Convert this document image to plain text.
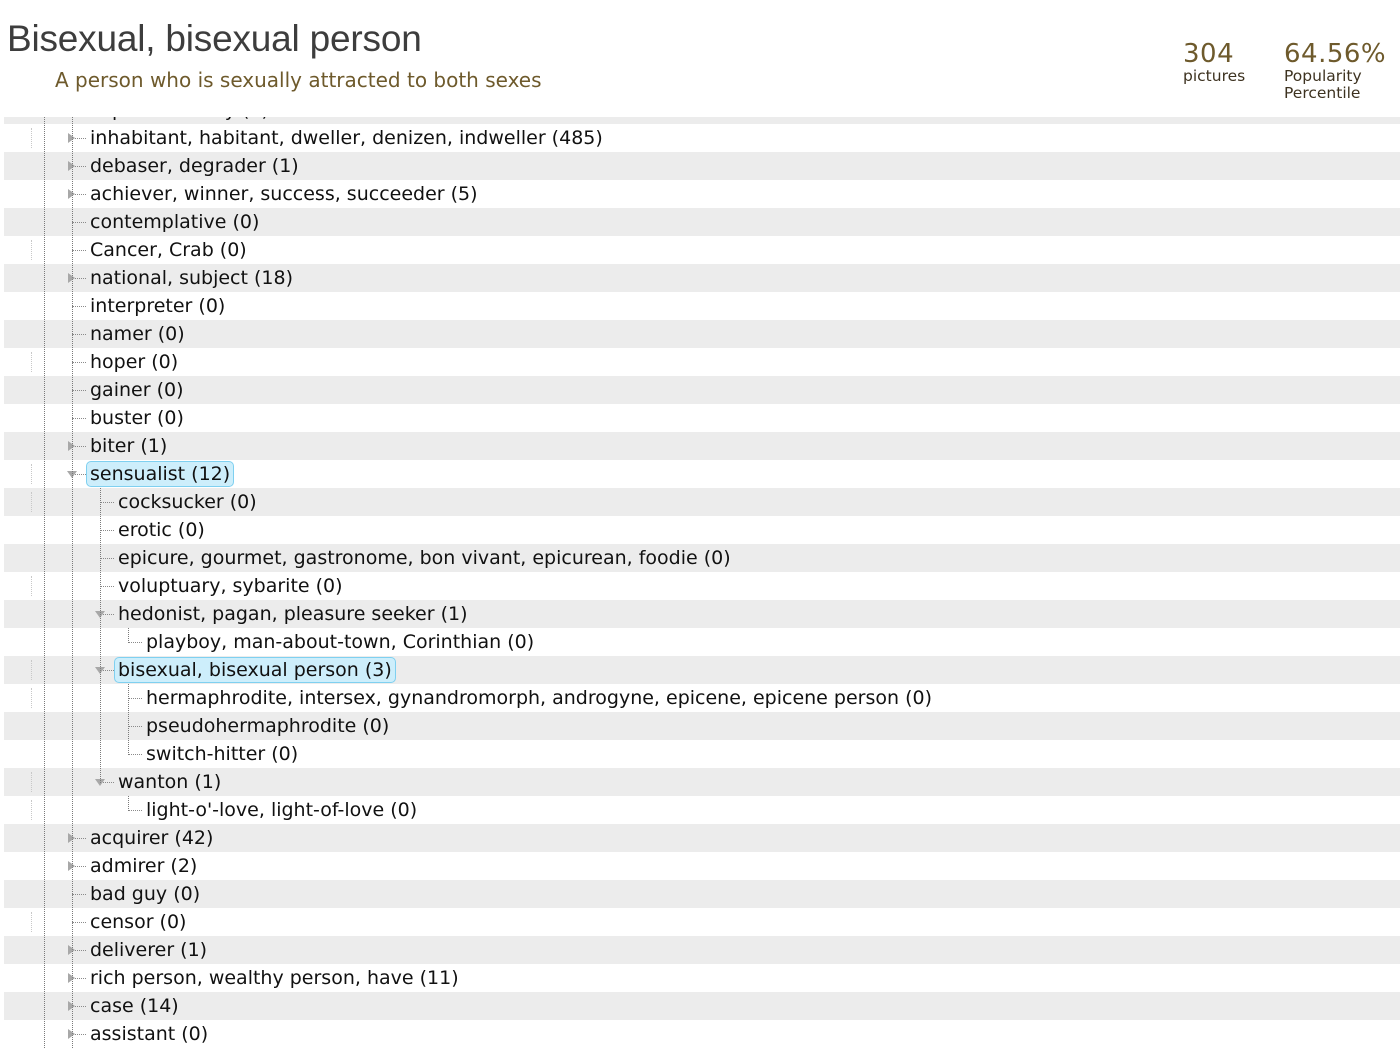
Bisexual, bisexual person
A person who is sexually attracted to both sexes
304
pictures
64.56%
Popularity
Percentile
inhabitant, habitant, dweller, denizen, indweller (485)
debaser, degrader (1)
achiever, winner, success, succeeder (5)
contemplative (0)
Cancer, Crab (0)
national, subject (18)
interpreter (0)
namer (0)
hoper (0)
gainer (0)
buster (0)
biter (1)
sensualist (12)
cocksucker (0)
erotic (0)
epicure, gourmet, gastronome, bon vivant, epicurean, foodie (0)
voluptuary, sybarite (0)
hedonist, pagan, pleasure seeker (1)
playboy, man-about-town, Corinthian (0)
bisexual, bisexual person (3)
hermaphrodite, intersex, gynandromorph, androgyne, epicene, epicene person (0)
pseudohermaphrodite (0)
switch-hitter (0)
wanton (1)
light-o'-love, light-of-love (0)
acquirer (42)
admirer (2)
bad guy (0)
censor (0)
deliverer (1)
rich person, wealthy person, have (11)
case (14)
assistant (0)
